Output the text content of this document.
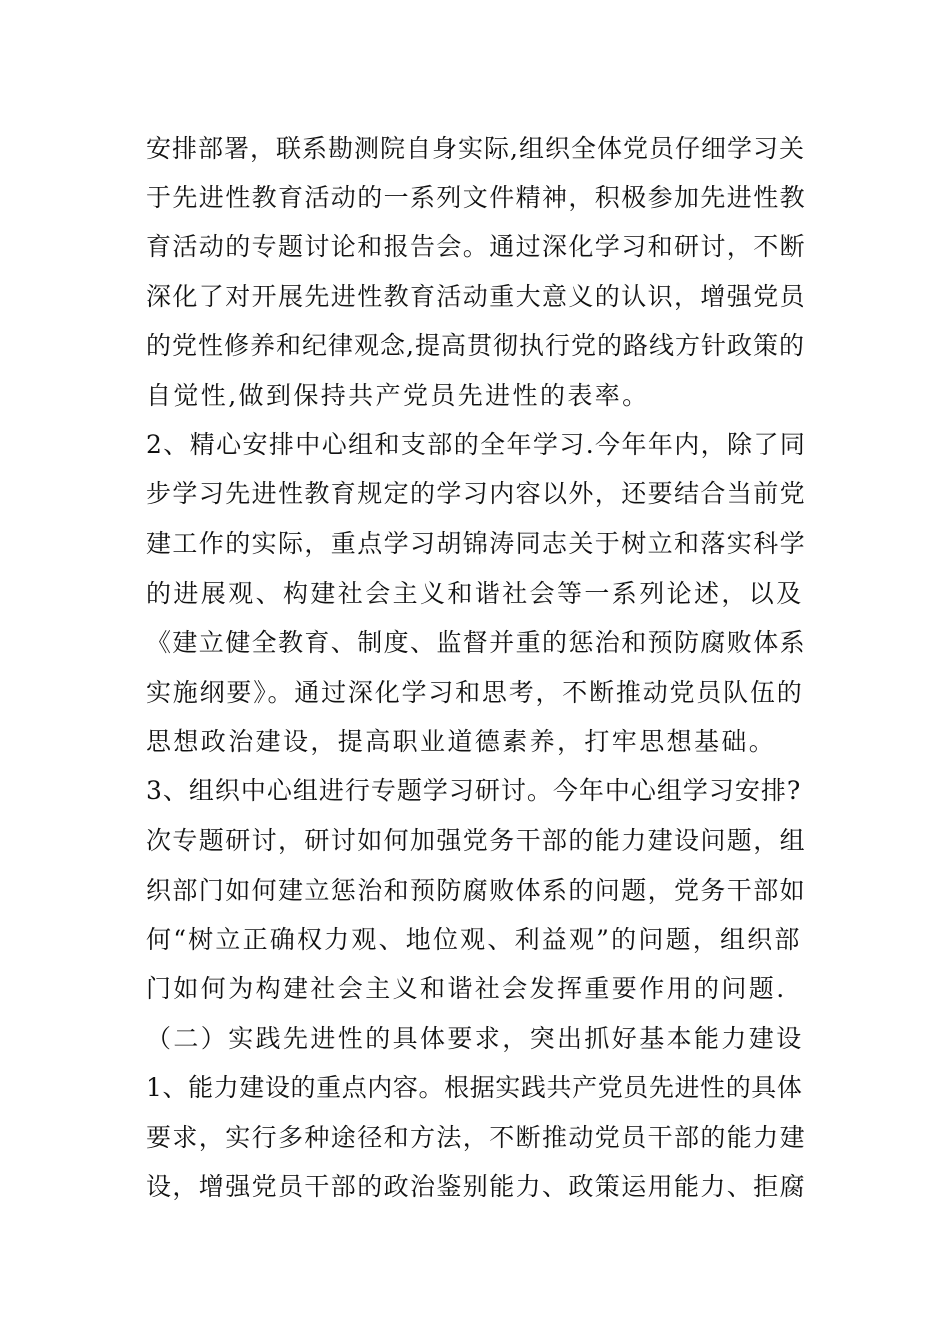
安排部署，联系勘测院自身实际,组织全体党员仔细学习关
于先进性教育活动的一系列文件精神，积极参加先进性教
育活动的专题讨论和报告会。通过深化学习和研讨，不断
深化了对开展先进性教育活动重大意义的认识，增强党员
的党性修养和纪律观念,提高贯彻执行党的路线方针政策的
自觉性,做到保持共产党员先进性的表率。
2、精心安排中心组和支部的全年学习.今年年内，除了同
步学习先进性教育规定的学习内容以外，还要结合当前党
建工作的实际，重点学习胡锦涛同志关于树立和落实科学
的进展观、构建社会主义和谐社会等一系列论述，以及
《建立健全教育、制度、监督并重的惩治和预防腐败体系
实施纲要》。通过深化学习和思考，不断推动党员队伍的
思想政治建设，提高职业道德素养，打牢思想基础。
3、组织中心组进行专题学习研讨。今年中心组学习安排?
次专题研讨，研讨如何加强党务干部的能力建设问题，组
织部门如何建立惩治和预防腐败体系的问题，党务干部如
何“树立正确权力观、地位观、利益观”的问题，组织部
门如何为构建社会主义和谐社会发挥重要作用的问题.
（二）实践先进性的具体要求，突出抓好基本能力建设
1、能力建设的重点内容。根据实践共产党员先进性的具体
要求，实行多种途径和方法，不断推动党员干部的能力建
设，增强党员干部的政治鉴别能力、政策运用能力、拒腐
